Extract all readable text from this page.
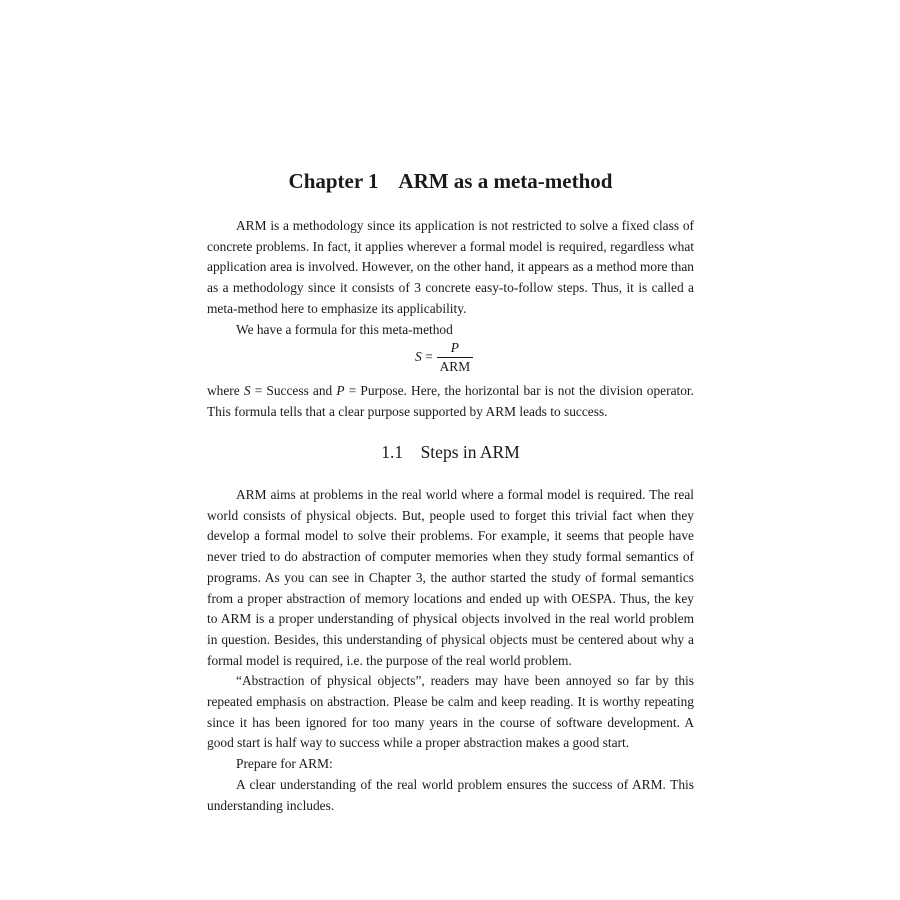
Chapter 1    ARM as a meta-method

ARM is a methodology since its application is not restricted to solve a fixed class of concrete problems. In fact, it applies wherever a formal model is required, regardless what application area is involved. However, on the other hand, it appears as a method more than as a methodology since it consists of 3 concrete easy-to-follow steps. Thus, it is called a meta-method here to emphasize its applicability.

We have a formula for this meta-method

$S = \frac{P}{\text{ARM}}$

where S = Success and P = Purpose. Here, the horizontal bar is not the division operator. This formula tells that a clear purpose supported by ARM leads to success.

1.1    Steps in ARM

ARM aims at problems in the real world where a formal model is required. The real world consists of physical objects. But, people used to forget this trivial fact when they develop a formal model to solve their problems. For example, it seems that people have never tried to do abstraction of computer memories when they study formal semantics of programs. As you can see in Chapter 3, the author started the study of formal semantics from a proper abstraction of memory locations and ended up with OESPA. Thus, the key to ARM is a proper understanding of physical objects involved in the real world problem in question. Besides, this understanding of physical objects must be centered about why a formal model is required, i.e. the purpose of the real world problem.

“Abstraction of physical objects”, readers may have been annoyed so far by this repeated emphasis on abstraction. Please be calm and keep reading. It is worthy repeating since it has been ignored for too many years in the course of software development. A good start is half way to success while a proper abstraction makes a good start.

Prepare for ARM:

A clear understanding of the real world problem ensures the success of ARM. This understanding includes.
